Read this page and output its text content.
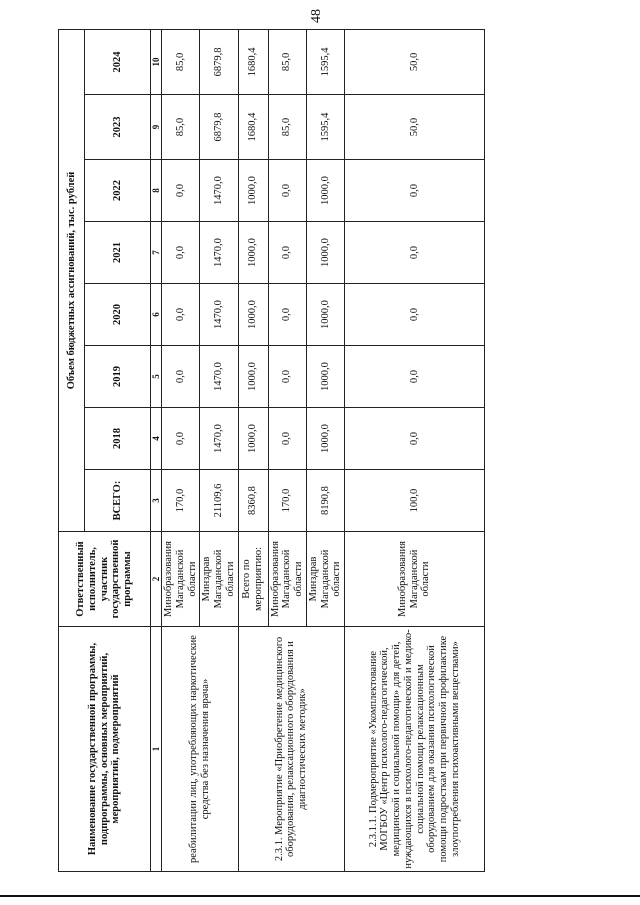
48
Наименование государственной программы, подпрограммы, основных мероприятий, мероприятий, подмероприятий	Ответственный исполнитель, участник государственной программы	Объем бюджетных ассигнований, тыс. рублей							
		ВСЕГО:	2018	2019	2020	2021	2022	2023	2024
1	2	3	4	5	6	7	8	9	10
реабилитации лиц, употребляющих наркотические средства без назначения врача»	Минобразования Магаданской области	170,0	0,0	0,0	0,0	0,0	0,0	85,0	85,0
	Минздрав Магаданской области	21109,6	1470,0	1470,0	1470,0	1470,0	1470,0	6879,8	6879,8
2.3.1. Мероприятие «Приобретение медицинского оборудования, релаксационного оборудования и диагностических методик»	Всего по мероприятию:	8360,8	1000,0	1000,0	1000,0	1000,0	1000,0	1680,4	1680,4
	Минобразования Магаданской области	170,0	0,0	0,0	0,0	0,0	0,0	85,0	85,0
	Минздрав Магаданской области	8190,8	1000,0	1000,0	1000,0	1000,0	1000,0	1595,4	1595,4
2.3.1.1. Подмероприятие «Укомплектование МОГБОУ «Центр психолого-педагогической, медицинской и социальной помощи» для детей, нуждающихся в психолого-педагогической и медико-социальной помощи релаксационным оборудованием для оказания психологической помощи подросткам при первичной профилактике злоупотребления психоактивными веществами»	Минобразования Магаданской области	100,0	0,0	0,0	0,0	0,0	0,0	50,0	50,0
